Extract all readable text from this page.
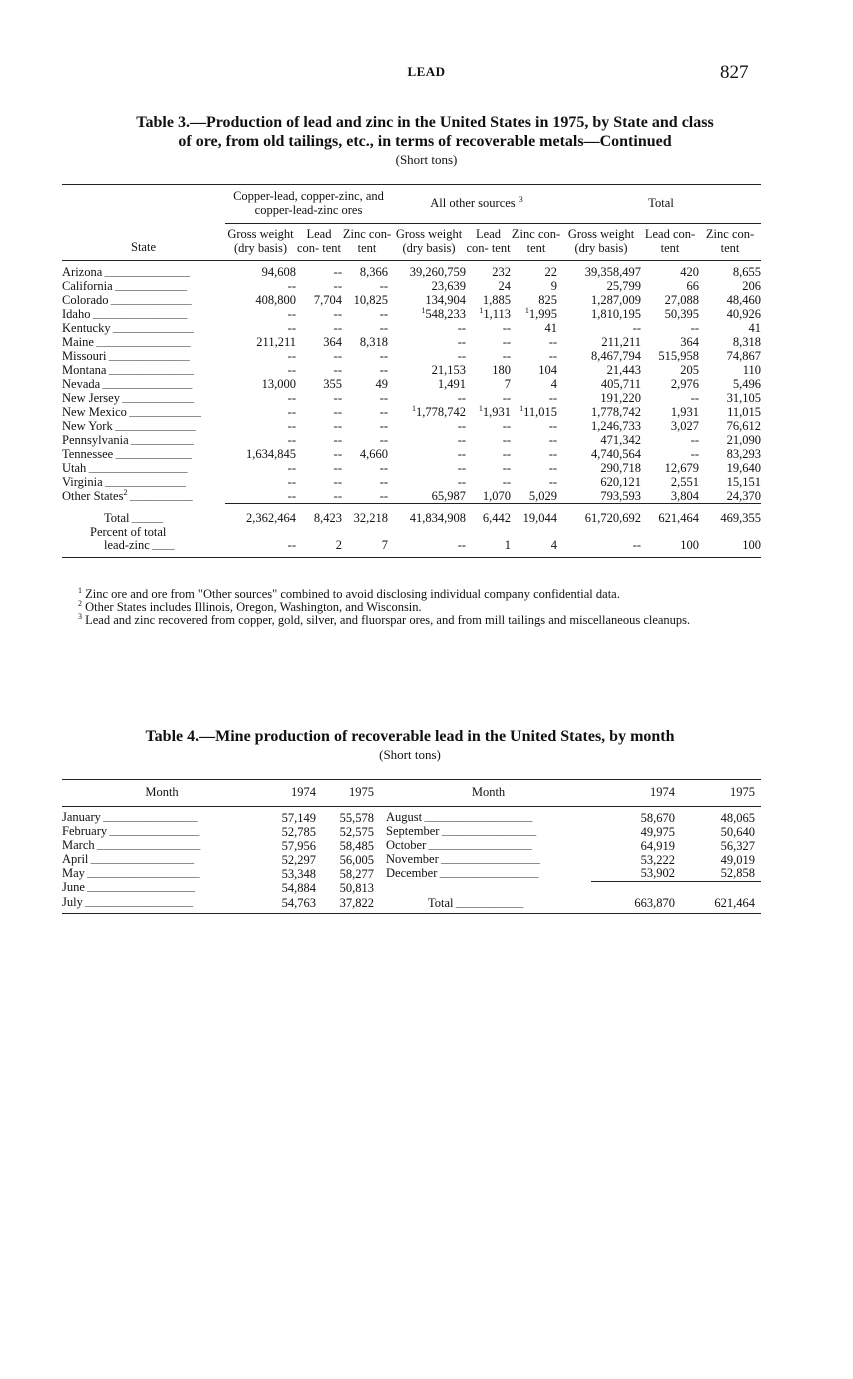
LEAD	827
Table 3.—Production of lead and zinc in the United States in 1975, by State and class
of ore, from old tailings, etc., in terms of recoverable metals—Continued
(Short tons)
State	Copper-lead, copper-zinc, and copper-lead-zinc ores			All other sources $^3$			Total		
	Gross weight (dry basis)	Lead con- tent	Zinc con- tent	Gross weight (dry basis)	Lead con- tent	Zinc con- tent	Gross weight (dry basis)	Lead con- tent	Zinc con- tent
Arizona ___________________	94,608	--	8,366	39,260,759	232	22	39,358,497	420	8,655
California ________________	--	--	--	23,639	24	9	25,799	66	206
Colorado __________________	408,800	7,704	10,825	134,904	1,885	825	1,287,009	27,088	48,460
Idaho _____________________	--	--	--	$^1$548,233	$^1$1,113	$^1$1,995	1,810,195	50,395	40,926
Kentucky __________________	--	--	--	--	--	41	--	--	41
Maine _____________________	211,211	364	8,318	--	--	--	211,211	364	8,318
Missouri __________________	--	--	--	--	--	--	8,467,794	515,958	74,867
Montana ___________________	--	--	--	21,153	180	104	21,443	205	110
Nevada ____________________	13,000	355	49	1,491	7	4	405,711	2,976	5,496
New Jersey ________________	--	--	--	--	--	--	191,220	--	31,105
New Mexico ________________	--	--	--	$^1$1,778,742	$^1$1,931	$^1$11,015	1,778,742	1,931	11,015
New York __________________	--	--	--	--	--	--	1,246,733	3,027	76,612
Pennsylvania ______________	--	--	--	--	--	--	471,342	--	21,090
Tennessee _________________	1,634,845	--	4,660	--	--	--	4,740,564	--	83,293
Utah ______________________	--	--	--	--	--	--	290,718	12,679	19,640
Virginia __________________	--	--	--	--	--	--	620,121	2,551	15,151
Other States$^2$ ______________	--	--	--	65,987	1,070	5,029	793,593	3,804	24,370
Total _______	2,362,464	8,423	32,218	41,834,908	6,442	19,044	61,720,692	621,464	469,355
Percent of total									
lead-zinc _____	--	2	7	--	1	4	--	100	100

$^1$ Zinc ore and ore from "Other sources" combined to avoid disclosing individual company confidential data.

$^2$ Other States includes Illinois, Oregon, Washington, and Wisconsin.

$^3$ Lead and zinc recovered from copper, gold, silver, and fluorspar ores, and from mill tailings and miscellaneous cleanups.

Table 4.—Mine production of recoverable lead in the United States, by month
(Short tons)
Month	1974	1975	Month	1974	1975
January _____________________	57,149	55,578	August ________________________	58,670	48,065
February ____________________	52,785	52,575	September _____________________	49,975	50,640
March _______________________	57,956	58,485	October _______________________	64,919	56,327
April _______________________	52,297	56,005	November ______________________	53,222	49,019
May _________________________	53,348	58,277	December ______________________	53,902	52,858
June ________________________	54,884	50,813			
July ________________________	54,763	37,822	Total _______________	663,870	621,464
